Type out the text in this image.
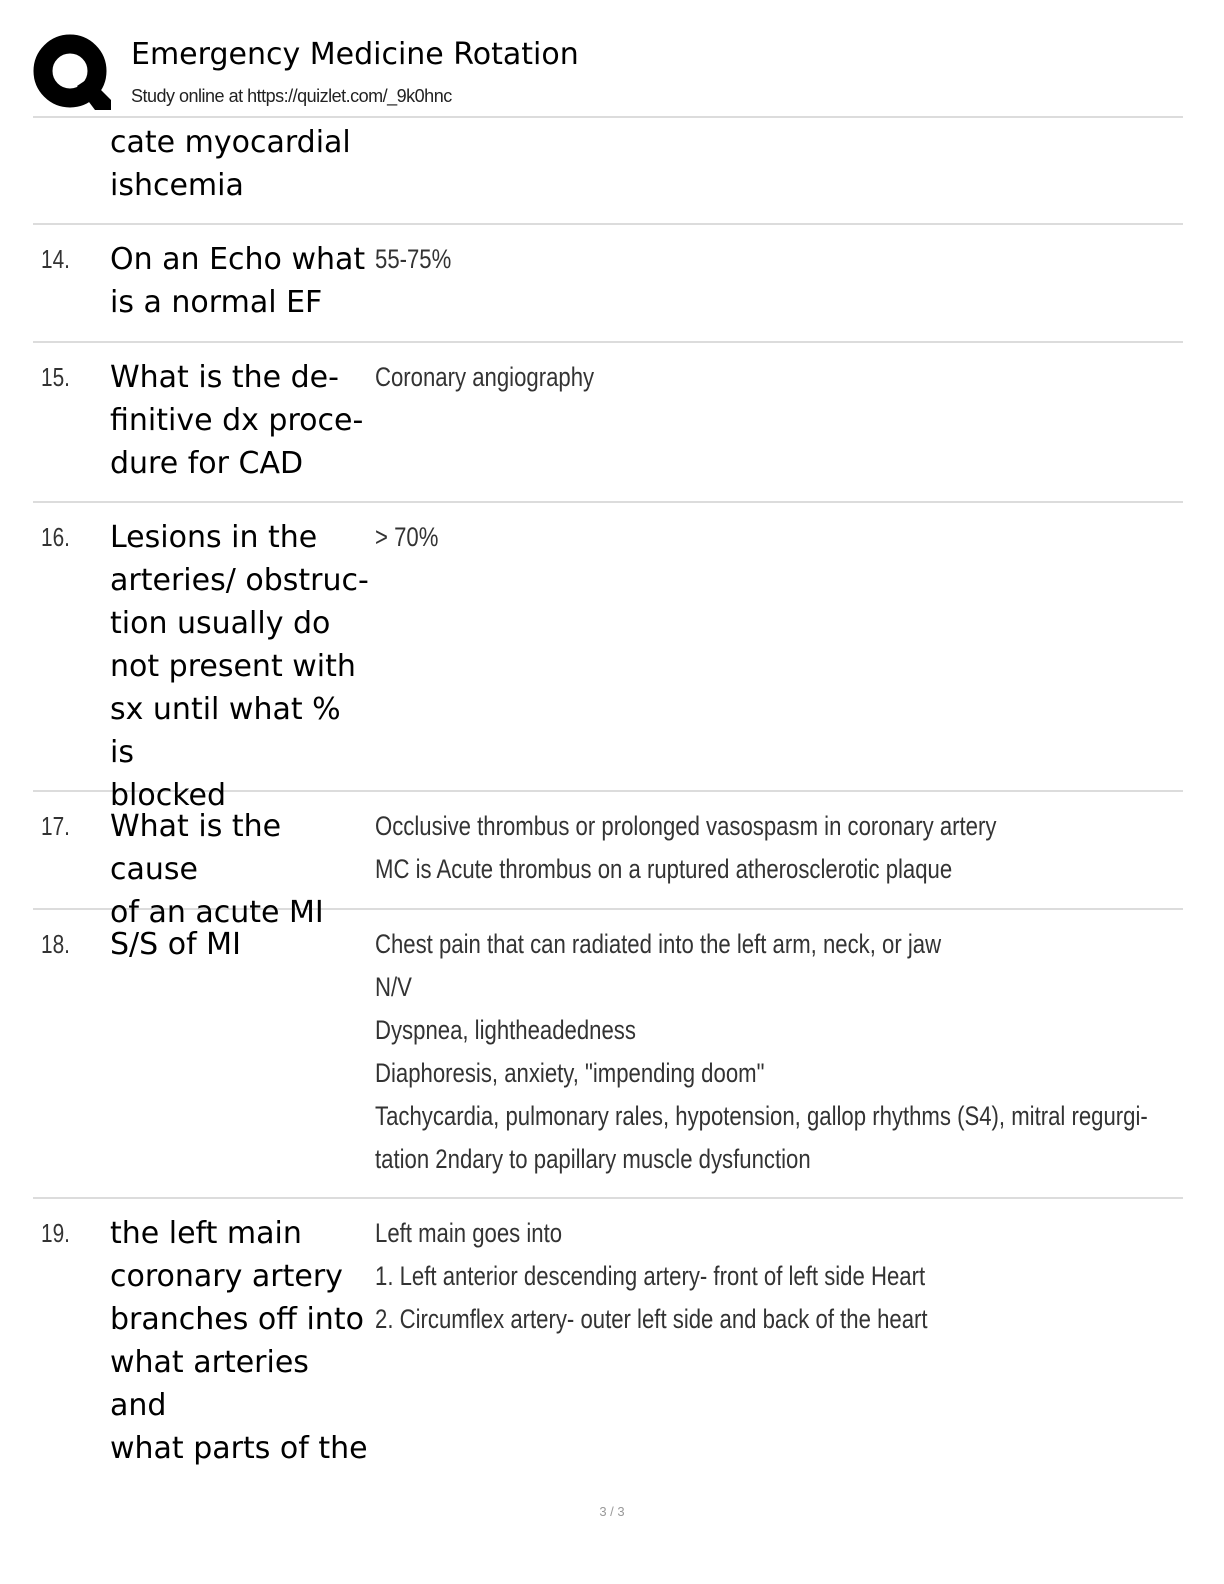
Emergency Medicine Rotation
Study online at https://quizlet.com/_9k0hnc
cate myocardial
ishcemia
14. On an Echo what
is a normal EF
55-75%
15. What is the de-
finitive dx proce-
dure for CAD
Coronary angiography
16. Lesions in the
arteries/ obstruc-
tion usually do
not present with
sx until what % is
blocked
> 70%
17. What is the cause
of an acute MI
Occlusive thrombus or prolonged vasospasm in coronary artery
MC is Acute thrombus on a ruptured atherosclerotic plaque
18. S/S of MI	Chest pain that can radiated into the left arm, neck, or jaw
N/V
Dyspnea, lightheadedness
Diaphoresis, anxiety, "impending doom"
Tachycardia, pulmonary rales, hypotension, gallop rhythms (S4), mitral regurgi-
tation 2ndary to papillary muscle dysfunction
19. the left main
coronary artery
branches off into
what arteries and
what parts of the
Left main goes into
1. Left anterior descending artery- front of left side Heart
2. Circumflex artery- outer left side and back of the heart
3 / 3
